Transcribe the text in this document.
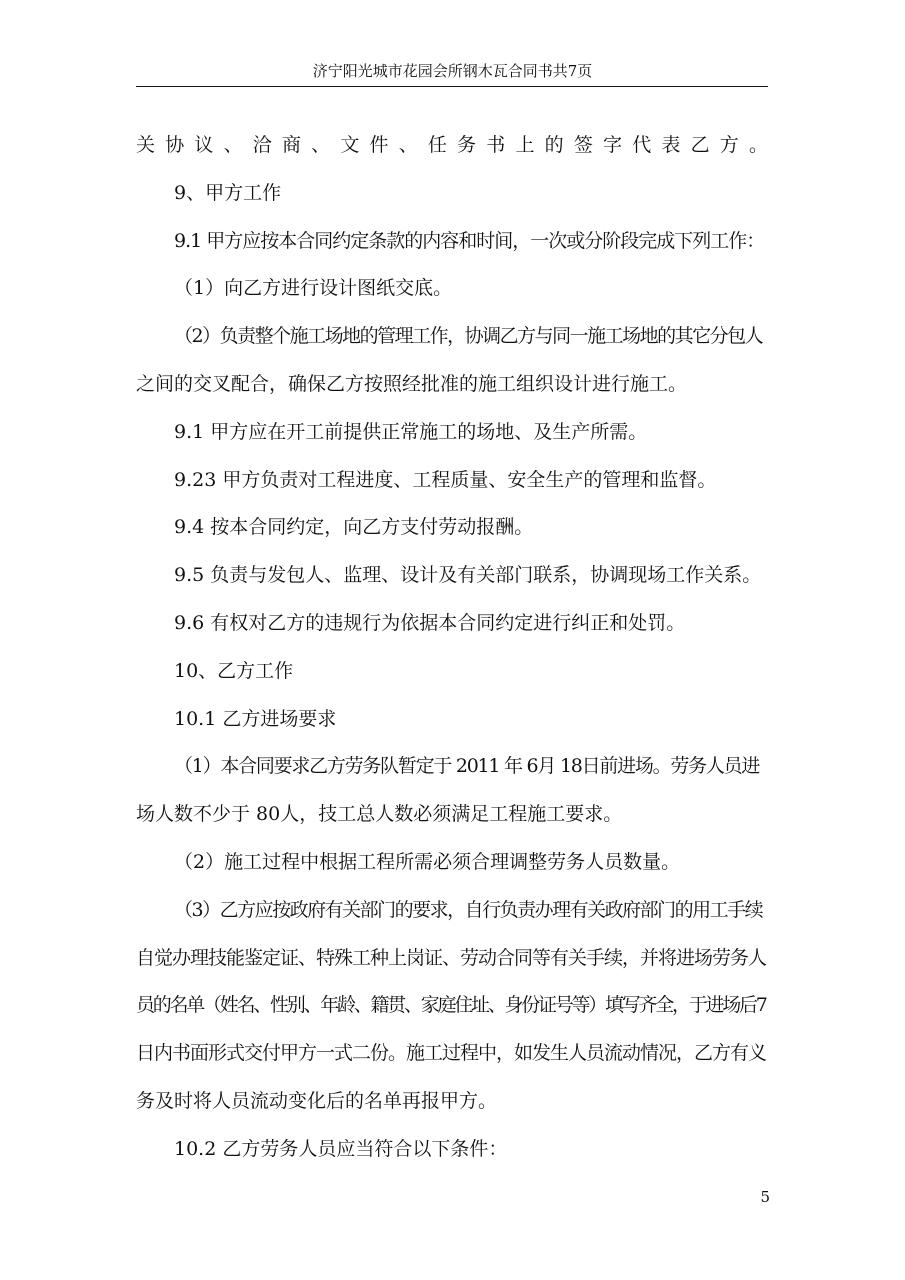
济宁阳光城市花园会所钢木瓦合同书共7页

关协议、洽商、文件、任务书上的签字代表乙方。

9、甲方工作

9.1 甲方应按本合同约定条款的内容和时间，一次或分阶段完成下列工作：

（1）向乙方进行设计图纸交底。

（2）负责整个施工场地的管理工作，协调乙方与同一施工场地的其它分包人

之间的交叉配合，确保乙方按照经批准的施工组织设计进行施工。

9.1 甲方应在开工前提供正常施工的场地、及生产所需。

9.23 甲方负责对工程进度、工程质量、安全生产的管理和监督。

9.4 按本合同约定，向乙方支付劳动报酬。

9.5 负责与发包人、监理、设计及有关部门联系，协调现场工作关系。

9.6 有权对乙方的违规行为依据本合同约定进行纠正和处罚。

10、乙方工作

10.1 乙方进场要求

（1）本合同要求乙方劳务队暂定于 2011 年 6月 18日前进场。劳务人员进

场人数不少于 80人，技工总人数必须满足工程施工要求。

（2）施工过程中根据工程所需必须合理调整劳务人员数量。

（3）乙方应按政府有关部门的要求，自行负责办理有关政府部门的用工手续

自觉办理技能鉴定证、特殊工种上岗证、劳动合同等有关手续，并将进场劳务人

员的名单（姓名、性别、年龄、籍贯、家庭住址、身份证号等）填写齐全，于进场后7

日内书面形式交付甲方一式二份。施工过程中，如发生人员流动情况，乙方有义

务及时将人员流动变化后的名单再报甲方。

10.2 乙方劳务人员应当符合以下条件：

5
